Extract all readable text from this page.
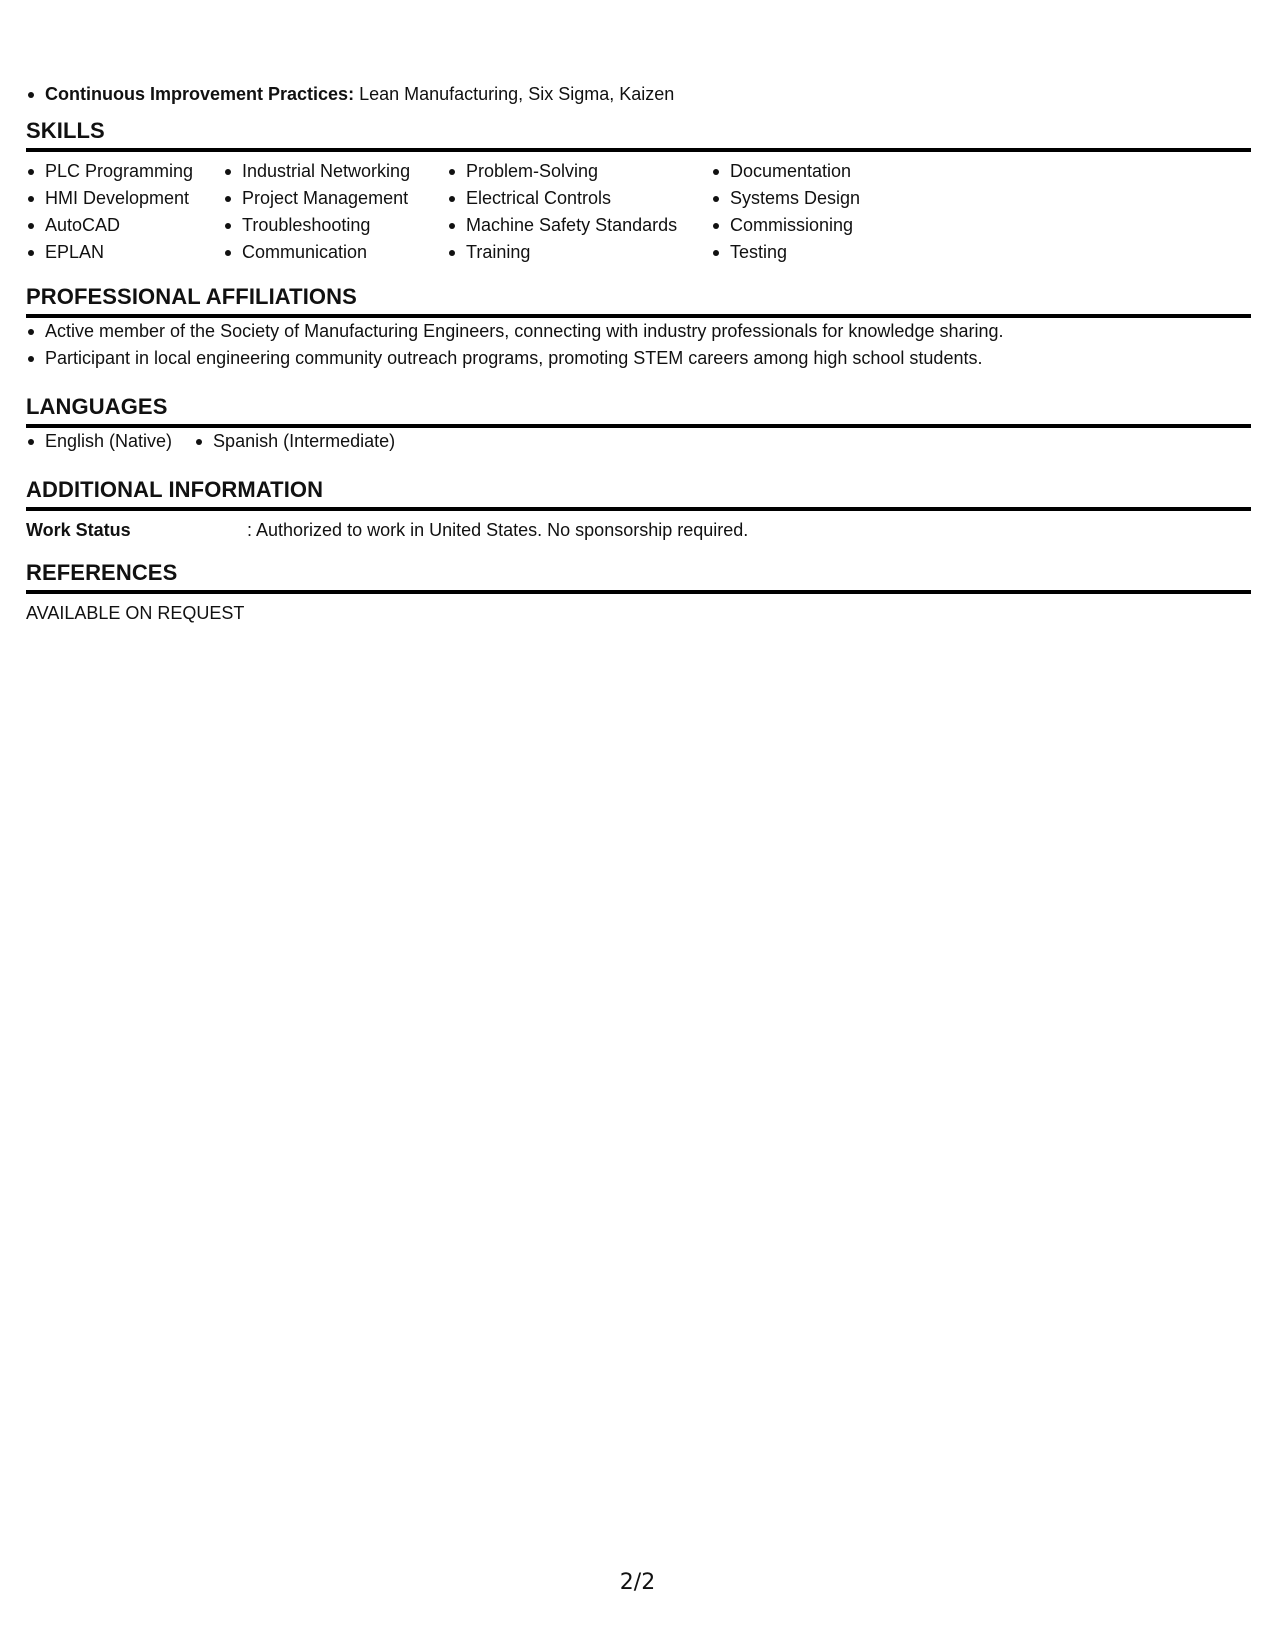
Continuous Improvement Practices: Lean Manufacturing, Six Sigma, Kaizen
SKILLS
PLC Programming
HMI Development
AutoCAD
EPLAN
Industrial Networking
Project Management
Troubleshooting
Communication
Problem-Solving
Electrical Controls
Machine Safety Standards
Training
Documentation
Systems Design
Commissioning
Testing
PROFESSIONAL AFFILIATIONS
Active member of the Society of Manufacturing Engineers, connecting with industry professionals for knowledge sharing.
Participant in local engineering community outreach programs, promoting STEM careers among high school students.
LANGUAGES
English (Native)	Spanish (Intermediate)
ADDITIONAL INFORMATION
Work Status	: Authorized to work in United States. No sponsorship required.
REFERENCES
AVAILABLE ON REQUEST
2/2
